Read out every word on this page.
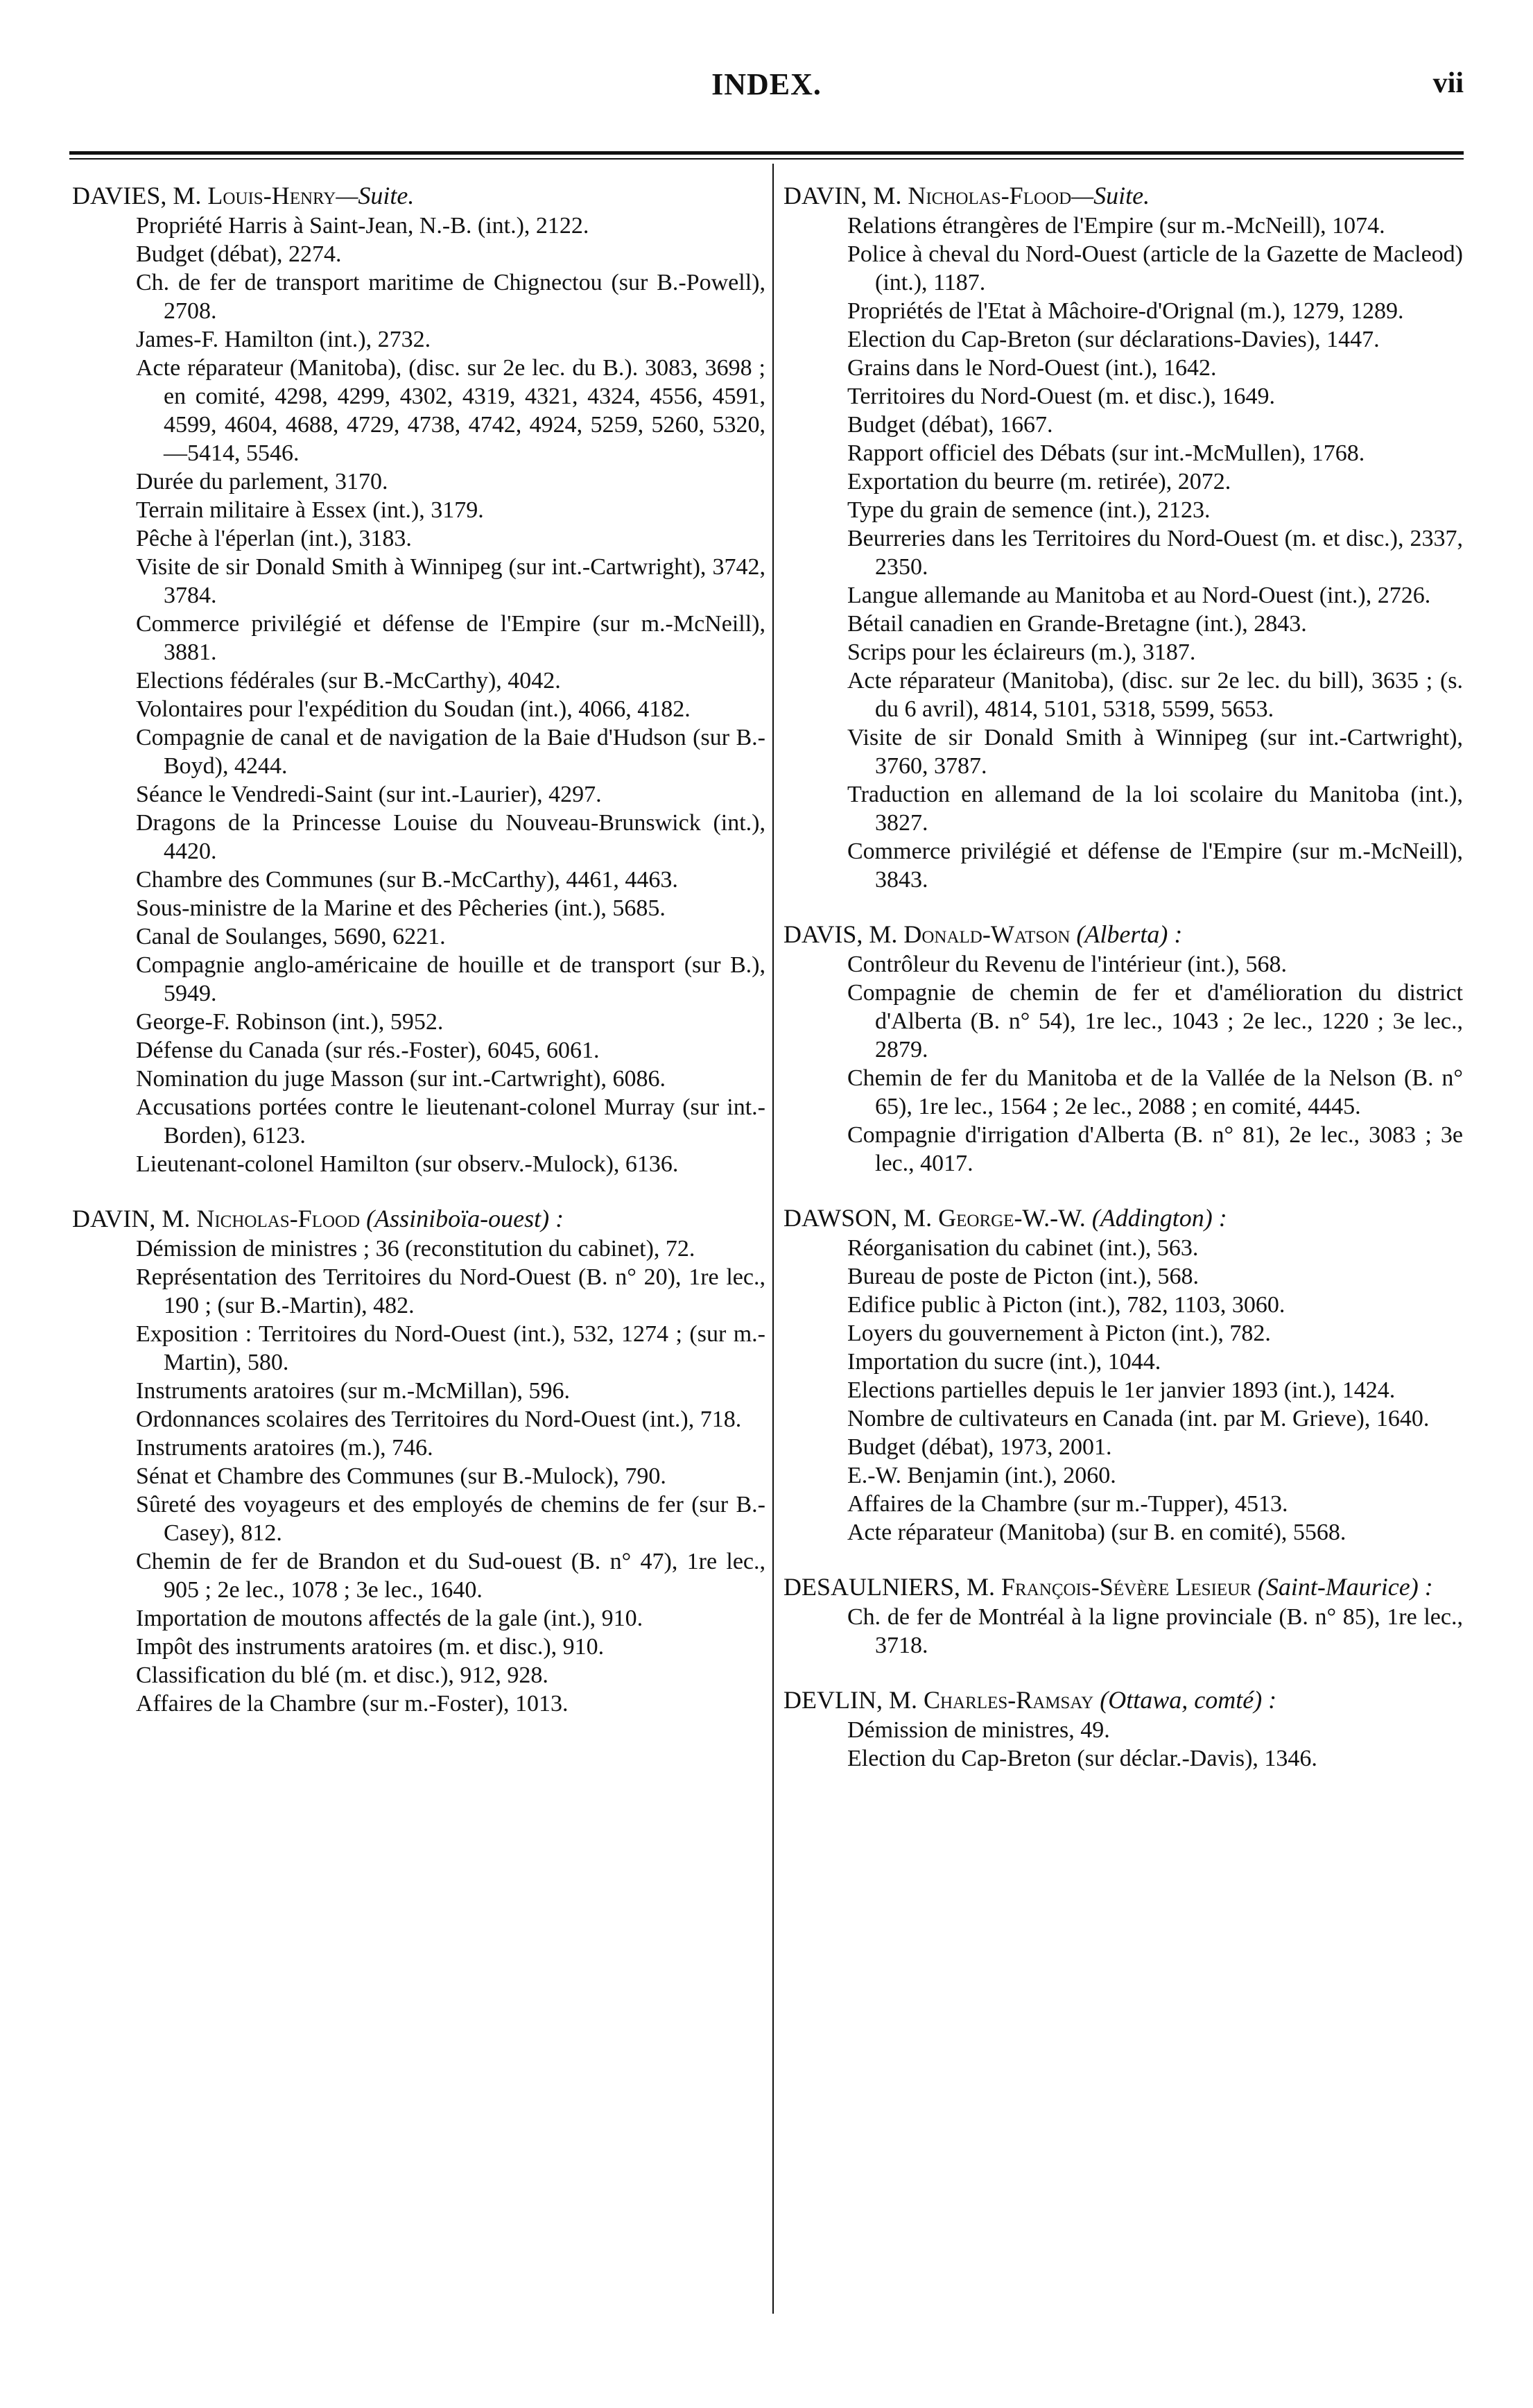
INDEX.	vii

DAVIES, M. Louis-Henry—Suite.

Propriété Harris à Saint-Jean, N.-B. (int.), 2122.
Budget (débat), 2274.
Ch. de fer de transport maritime de Chignectou (sur B.-Powell), 2708.
James-F. Hamilton (int.), 2732.
Acte réparateur (Manitoba), (disc. sur 2e lec. du B.). 3083, 3698 ; en comité, 4298, 4299, 4302, 4319, 4321, 4324, 4556, 4591, 4599, 4604, 4688, 4729, 4738, 4742, 4924, 5259, 5260, 5320,—5414, 5546.
Durée du parlement, 3170.
Terrain militaire à Essex (int.), 3179.
Pêche à l'éperlan (int.), 3183.
Visite de sir Donald Smith à Winnipeg (sur int.-Cartwright), 3742, 3784.
Commerce privilégié et défense de l'Empire (sur m.-McNeill), 3881.
Elections fédérales (sur B.-McCarthy), 4042.
Volontaires pour l'expédition du Soudan (int.), 4066, 4182.
Compagnie de canal et de navigation de la Baie d'Hudson (sur B.-Boyd), 4244.
Séance le Vendredi-Saint (sur int.-Laurier), 4297.
Dragons de la Princesse Louise du Nouveau-Brunswick (int.), 4420.
Chambre des Communes (sur B.-McCarthy), 4461, 4463.
Sous-ministre de la Marine et des Pêcheries (int.), 5685.
Canal de Soulanges, 5690, 6221.
Compagnie anglo-américaine de houille et de transport (sur B.), 5949.
George-F. Robinson (int.), 5952.
Défense du Canada (sur rés.-Foster), 6045, 6061.
Nomination du juge Masson (sur int.-Cartwright), 6086.
Accusations portées contre le lieutenant-colonel Murray (sur int.-Borden), 6123.
Lieutenant-colonel Hamilton (sur observ.-Mulock), 6136.

DAVIN, M. Nicholas-Flood (Assiniboïa-ouest) :

Démission de ministres ; 36 (reconstitution du cabinet), 72.
Représentation des Territoires du Nord-Ouest (B. n° 20), 1re lec., 190 ; (sur B.-Martin), 482.
Exposition : Territoires du Nord-Ouest (int.), 532, 1274 ; (sur m.-Martin), 580.
Instruments aratoires (sur m.-McMillan), 596.
Ordonnances scolaires des Territoires du Nord-Ouest (int.), 718.
Instruments aratoires (m.), 746.
Sénat et Chambre des Communes (sur B.-Mulock), 790.
Sûreté des voyageurs et des employés de chemins de fer (sur B.-Casey), 812.
Chemin de fer de Brandon et du Sud-ouest (B. n° 47), 1re lec., 905 ; 2e lec., 1078 ; 3e lec., 1640.
Importation de moutons affectés de la gale (int.), 910.
Impôt des instruments aratoires (m. et disc.), 910.
Classification du blé (m. et disc.), 912, 928.
Affaires de la Chambre (sur m.-Foster), 1013.

DAVIN, M. Nicholas-Flood—Suite.

Relations étrangères de l'Empire (sur m.-McNeill), 1074.
Police à cheval du Nord-Ouest (article de la Gazette de Macleod) (int.), 1187.
Propriétés de l'Etat à Mâchoire-d'Orignal (m.), 1279, 1289.
Election du Cap-Breton (sur déclarations-Davies), 1447.
Grains dans le Nord-Ouest (int.), 1642.
Territoires du Nord-Ouest (m. et disc.), 1649.
Budget (débat), 1667.
Rapport officiel des Débats (sur int.-McMullen), 1768.
Exportation du beurre (m. retirée), 2072.
Type du grain de semence (int.), 2123.
Beurreries dans les Territoires du Nord-Ouest (m. et disc.), 2337, 2350.
Langue allemande au Manitoba et au Nord-Ouest (int.), 2726.
Bétail canadien en Grande-Bretagne (int.), 2843.
Scrips pour les éclaireurs (m.), 3187.
Acte réparateur (Manitoba), (disc. sur 2e lec. du bill), 3635 ; (s. du 6 avril), 4814, 5101, 5318, 5599, 5653.
Visite de sir Donald Smith à Winnipeg (sur int.-Cartwright), 3760, 3787.
Traduction en allemand de la loi scolaire du Manitoba (int.), 3827.
Commerce privilégié et défense de l'Empire (sur m.-McNeill), 3843.

DAVIS, M. Donald-Watson (Alberta) :

Contrôleur du Revenu de l'intérieur (int.), 568.
Compagnie de chemin de fer et d'amélioration du district d'Alberta (B. n° 54), 1re lec., 1043 ; 2e lec., 1220 ; 3e lec., 2879.
Chemin de fer du Manitoba et de la Vallée de la Nelson (B. n° 65), 1re lec., 1564 ; 2e lec., 2088 ; en comité, 4445.
Compagnie d'irrigation d'Alberta (B. n° 81), 2e lec., 3083 ; 3e lec., 4017.

DAWSON, M. George-W.-W. (Addington) :

Réorganisation du cabinet (int.), 563.
Bureau de poste de Picton (int.), 568.
Edifice public à Picton (int.), 782, 1103, 3060.
Loyers du gouvernement à Picton (int.), 782.
Importation du sucre (int.), 1044.
Elections partielles depuis le 1er janvier 1893 (int.), 1424.
Nombre de cultivateurs en Canada (int. par M. Grieve), 1640.
Budget (débat), 1973, 2001.
E.-W. Benjamin (int.), 2060.
Affaires de la Chambre (sur m.-Tupper), 4513.
Acte réparateur (Manitoba) (sur B. en comité), 5568.

DESAULNIERS, M. François-Sévère Lesieur (Saint-Maurice) :

Ch. de fer de Montréal à la ligne provinciale (B. n° 85), 1re lec., 3718.

DEVLIN, M. Charles-Ramsay (Ottawa, comté) :

Démission de ministres, 49.
Election du Cap-Breton (sur déclar.-Davis), 1346.
